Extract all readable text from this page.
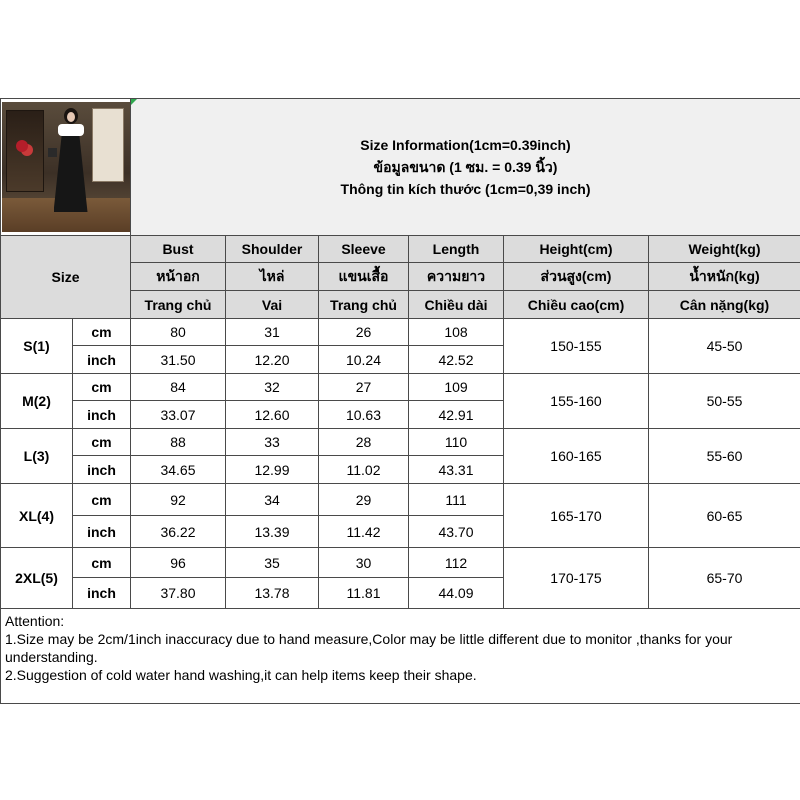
		Size Information(1cm=0.39inch)
ข้อมูลขนาด (1 ซม. = 0.39 นิ้ว)
Thông tin kích thước (1cm=0,39 inch)					

Size		Bust	Shoulder	Sleeve	Length	Height(cm)	Weight(kg)
		หน้าอก	ไหล่	แขนเสื้อ	ความยาว	ส่วนสูง(cm)	น้ำหนัก(kg)
		Trang chủ	Vai	Trang chủ	Chiều dài	Chiều cao(cm)	Cân nặng(kg)
S(1)	cm	80	31	26	108	150-155	45-50
	inch	31.50	12.20	10.24	42.52		
M(2)	cm	84	32	27	109	155-160	50-55
	inch	33.07	12.60	10.63	42.91		
L(3)	cm	88	33	28	110	160-165	55-60
	inch	34.65	12.99	11.02	43.31		
XL(4)	cm	92	34	29	111	165-170	60-65
	inch	36.22	13.39	11.42	43.70		
2XL(5)	cm	96	35	30	112	170-175	65-70
	inch	37.80	13.78	11.81	44.09		

Attention:
1.Size may be 2cm/1inch inaccuracy due to hand measure,Color may be little different due to monitor ,thanks for your understanding.
2.Suggestion of cold water hand washing,it can help items keep their shape.							
